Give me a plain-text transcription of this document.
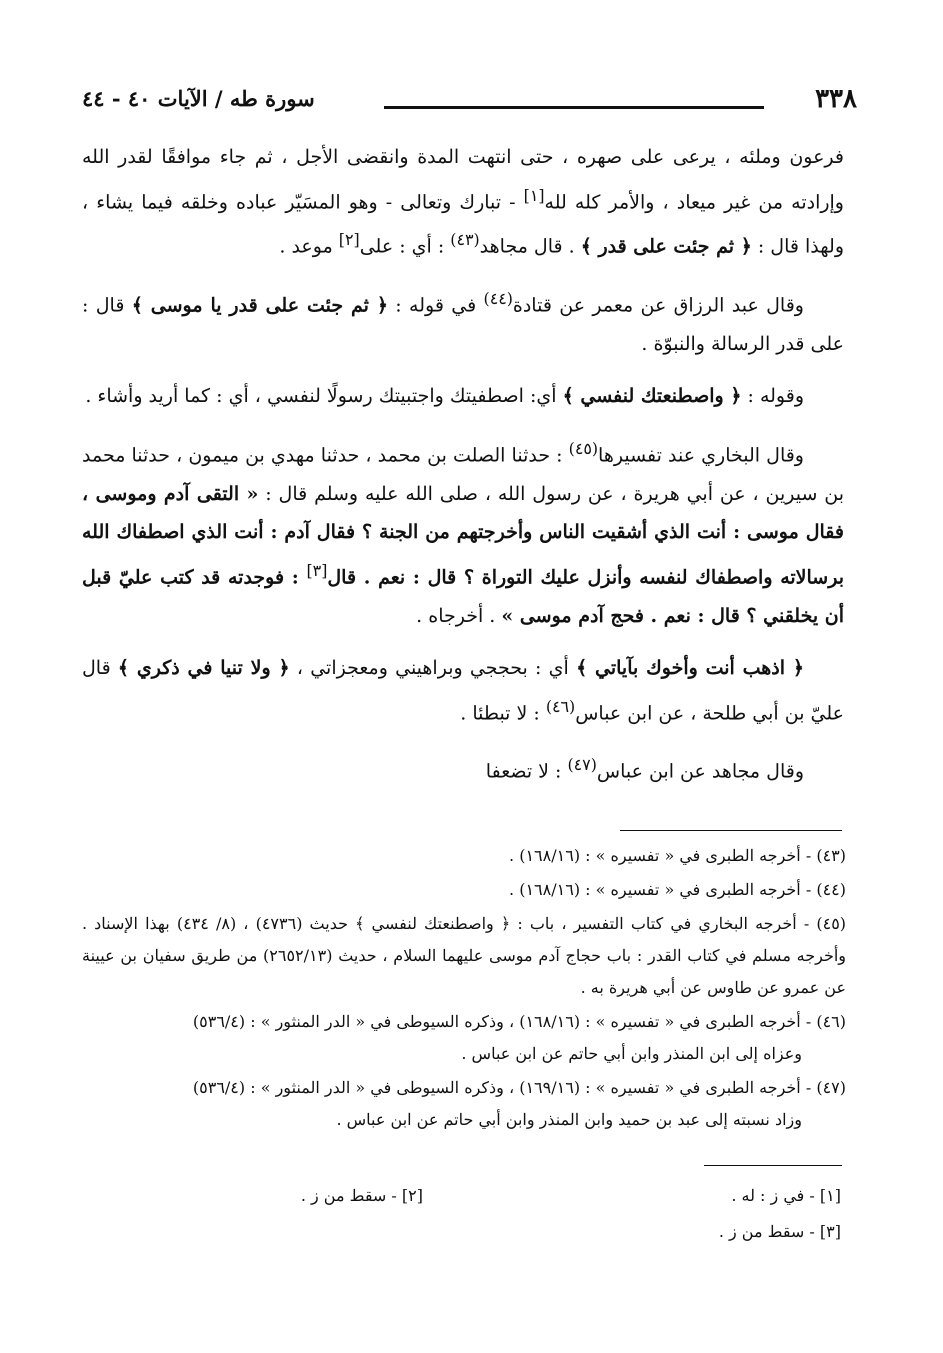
٣٣٨
سورة طه / الآيات ٤٠ - ٤٤

فرعون وملئه ، يرعى على صهره ، حتى انتهت المدة وانقضى الأجل ، ثم جاء موافقًا لقدر الله وإرادته من غير ميعاد ، والأمر كله لله[١] - تبارك وتعالى - وهو المسَيّر عباده وخلقه فيما يشاء ، ولهذا قال : ﴿ ثم جئت على قدر ﴾ . قال مجاهد$^{(٤٣)}$ : أي : على[٢] موعد .

وقال عبد الرزاق عن معمر عن قتادة$^{(٤٤)}$ في قوله : ﴿ ثم جئت على قدر يا موسى ﴾ قال : على قدر الرسالة والنبوّة .

وقوله : ﴿ واصطنعتك لنفسي ﴾ أي: اصطفيتك واجتبيتك رسولًا لنفسي ، أي : كما أريد وأشاء .

وقال البخاري عند تفسيرها$^{(٤٥)}$ : حدثنا الصلت بن محمد ، حدثنا مهدي بن ميمون ، حدثنا محمد بن سيرين ، عن أبي هريرة ، عن رسول الله ، صلى الله عليه وسلم قال : « التقى آدم وموسى ، فقال موسى : أنت الذي أشقيت الناس وأخرجتهم من الجنة ؟ فقال آدم : أنت الذي اصطفاك الله برسالاته واصطفاك لنفسه وأنزل عليك التوراة ؟ قال : نعم . قال[٣] : فوجدته قد كتب عليّ قبل أن يخلقني ؟ قال : نعم . فحج آدم موسى » . أخرجاه .

﴿ اذهب أنت وأخوك بآياتي ﴾ أي : بحججي وبراهيني ومعجزاتي ، ﴿ ولا تنيا في ذكري ﴾ قال عليّ بن أبي طلحة ، عن ابن عباس$^{(٤٦)}$ : لا تبطئا .

وقال مجاهد عن ابن عباس$^{(٤٧)}$ : لا تضعفا

(٤٣) - أخرجه الطبرى في « تفسيره » : (١٦٨/١٦) .
(٤٤) - أخرجه الطبرى في « تفسيره » : (١٦٨/١٦) .
(٤٥) - أخرجه البخاري في كتاب التفسير ، باب : ﴿ واصطنعتك لنفسي ﴾ حديث (٤٧٣٦) ، (٨/ ٤٣٤) بهذا الإسناد . وأخرجه مسلم في كتاب القدر : باب حجاج آدم موسى عليهما السلام ، حديث (٢٦٥٢/١٣) من طريق سفيان بن عيينة عن عمرو عن طاوس عن أبي هريرة به .
(٤٦) - أخرجه الطبرى في « تفسيره » : (١٦٨/١٦) ، وذكره السيوطى في « الدر المنثور » : (٥٣٦/٤)
وعزاه إلى ابن المنذر وابن أبي حاتم عن ابن عباس .
(٤٧) - أخرجه الطبرى في « تفسيره » : (١٦٩/١٦) ، وذكره السيوطى في « الدر المنثور » : (٥٣٦/٤)
وزاد نسبته إلى عبد بن حميد وابن المنذر وابن أبي حاتم عن ابن عباس .
[١] - في ز : له .
[٢] - سقط من ز .
[٣] - سقط من ز .
